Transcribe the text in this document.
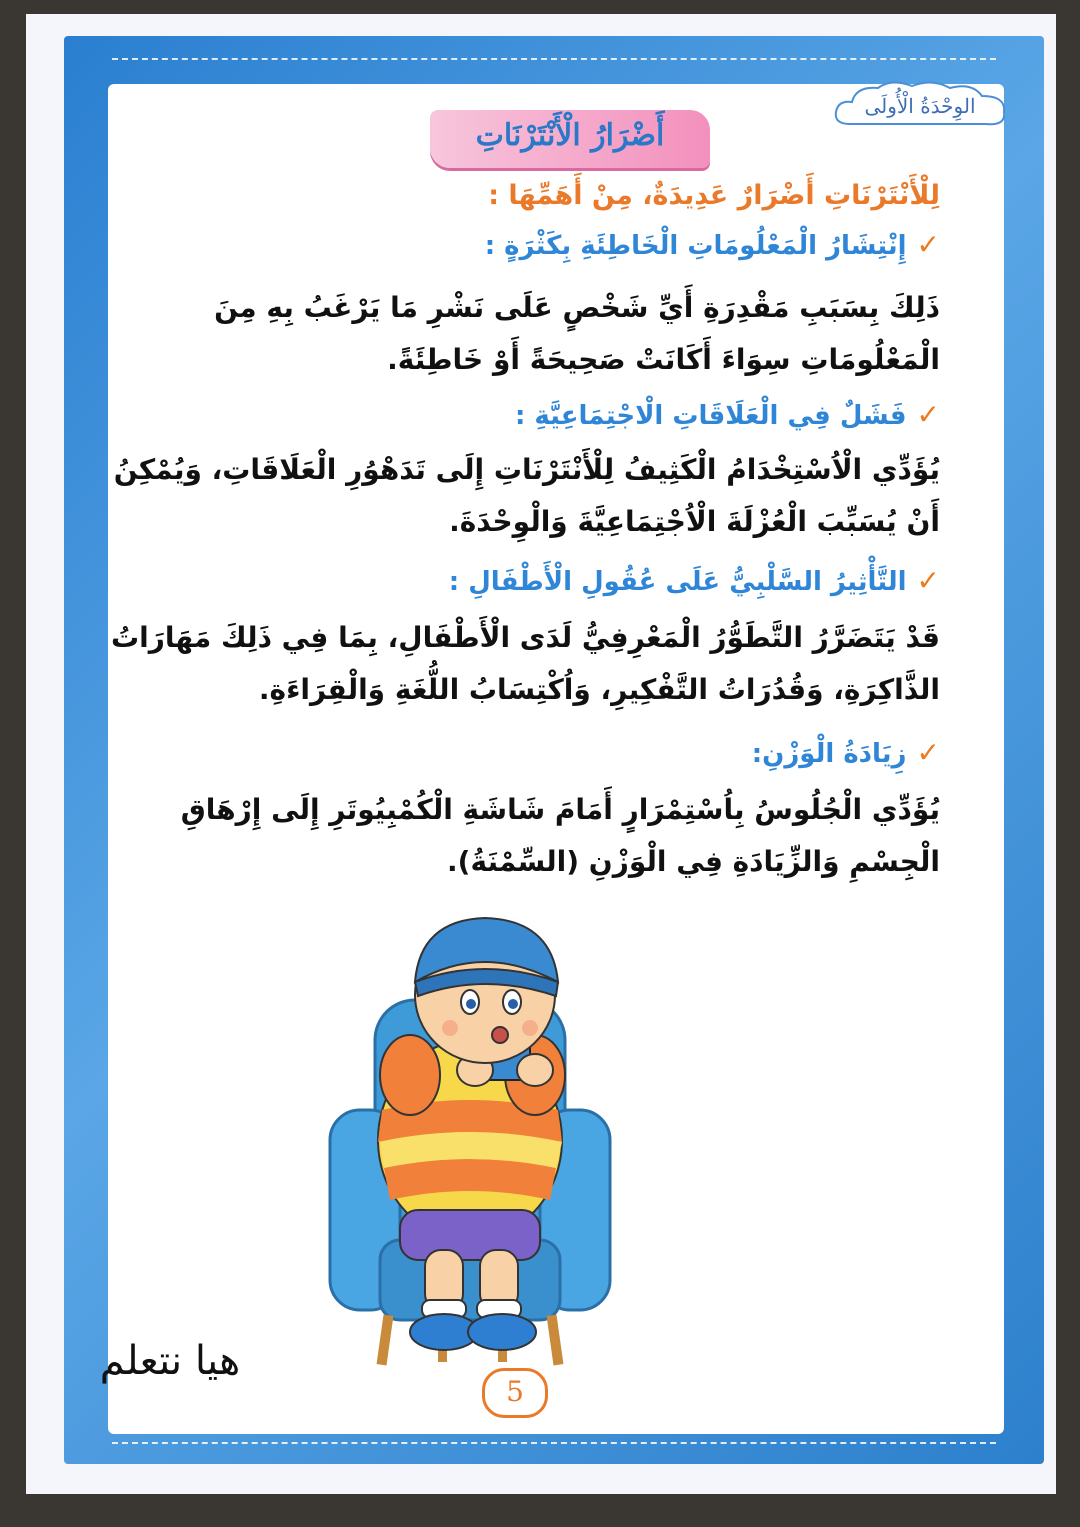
الوِحْدَةُ الْأُولَى
أَضْرَارُ الْأَنْتَرْنَاتِ
لِلْأَنْتَرْنَاتِ أَضْرَارٌ عَدِيدَةٌ، مِنْ أَهَمِّهَا :
✓إِنْتِشَارُ الْمَعْلُومَاتِ الْخَاطِئَةِ بِكَثْرَةٍ :
ذَلِكَ بِسَبَبِ مَقْدِرَةِ أَيِّ شَخْصٍ عَلَى نَشْرِ مَا يَرْغَبُ بِهِ مِنَ
الْمَعْلُومَاتِ سِوَاءَ أَكَانَتْ صَحِيحَةً أَوْ خَاطِئَةً.
✓فَشَلٌ فِي الْعَلَاقَاتِ الْاجْتِمَاعِيَّةِ :
يُؤَدِّي الْاُسْتِخْدَامُ الْكَثِيفُ لِلْأَنْتَرْنَاتِ إِلَى تَدَهْوُرِ الْعَلَاقَاتِ، وَيُمْكِنُ
أَنْ يُسَبِّبَ الْعُزْلَةَ الْاُجْتِمَاعِيَّةَ وَالْوِحْدَةَ.
✓التَّأْثِيرُ السَّلْبِيُّ عَلَى عُقُولِ الْأَطْفَالِ :
قَدْ يَتَضَرَّرُ التَّطَوُّرُ الْمَعْرِفِيُّ لَدَى الْأَطْفَالِ، بِمَا فِي ذَلِكَ مَهَارَاتُ
الذَّاكِرَةِ، وَقُدُرَاتُ التَّفْكِيرِ، وَاُكْتِسَابُ اللُّغَةِ وَالْقِرَاءَةِ.
✓زِيَادَةُ الْوَزْنِ:
يُؤَدِّي الْجُلُوسُ بِاُسْتِمْرَارٍ أَمَامَ شَاشَةِ الْكُمْبِيُوتَرِ إِلَى إِرْهَاقِ
الْجِسْمِ وَالزِّيَادَةِ فِي الْوَزْنِ (السِّمْنَةُ).
هيا نتعلم
5
